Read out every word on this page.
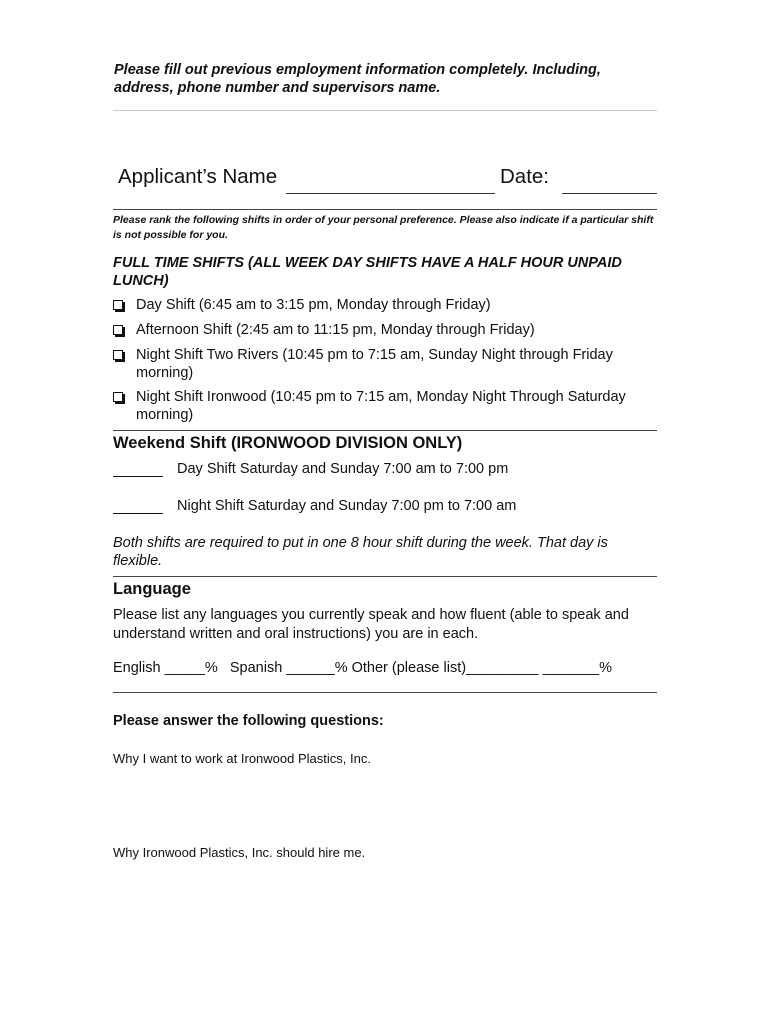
Please fill out previous employment information completely. Including, address, phone number and supervisors name.
Applicant’s Name	Date:
Please rank the following shifts in order of your personal preference. Please also indicate if a particular shift is not possible for you.
FULL TIME SHIFTS (ALL WEEK DAY SHIFTS HAVE A HALF HOUR UNPAID LUNCH)
Day Shift (6:45 am to 3:15 pm, Monday through Friday)
Afternoon Shift (2:45 am to 11:15 pm, Monday through Friday)
Night Shift Two Rivers (10:45 pm to 7:15 am, Sunday Night through Friday morning)
Night Shift Ironwood (10:45 pm to 7:15 am, Monday Night Through Saturday morning)
Weekend Shift (IRONWOOD DIVISION ONLY)
Day Shift Saturday and Sunday 7:00 am to 7:00 pm
Night Shift Saturday and Sunday 7:00 pm to 7:00 am
Both shifts are required to put in one 8 hour shift during the week. That day is flexible.
Language
Please list any languages you currently speak and how fluent (able to speak and understand written and oral instructions) you are in each.
English _____%   Spanish ______% Other (please list)_________ _______%
Please answer the following questions:
Why I want to work at Ironwood Plastics, Inc.
Why Ironwood Plastics, Inc. should hire me.
